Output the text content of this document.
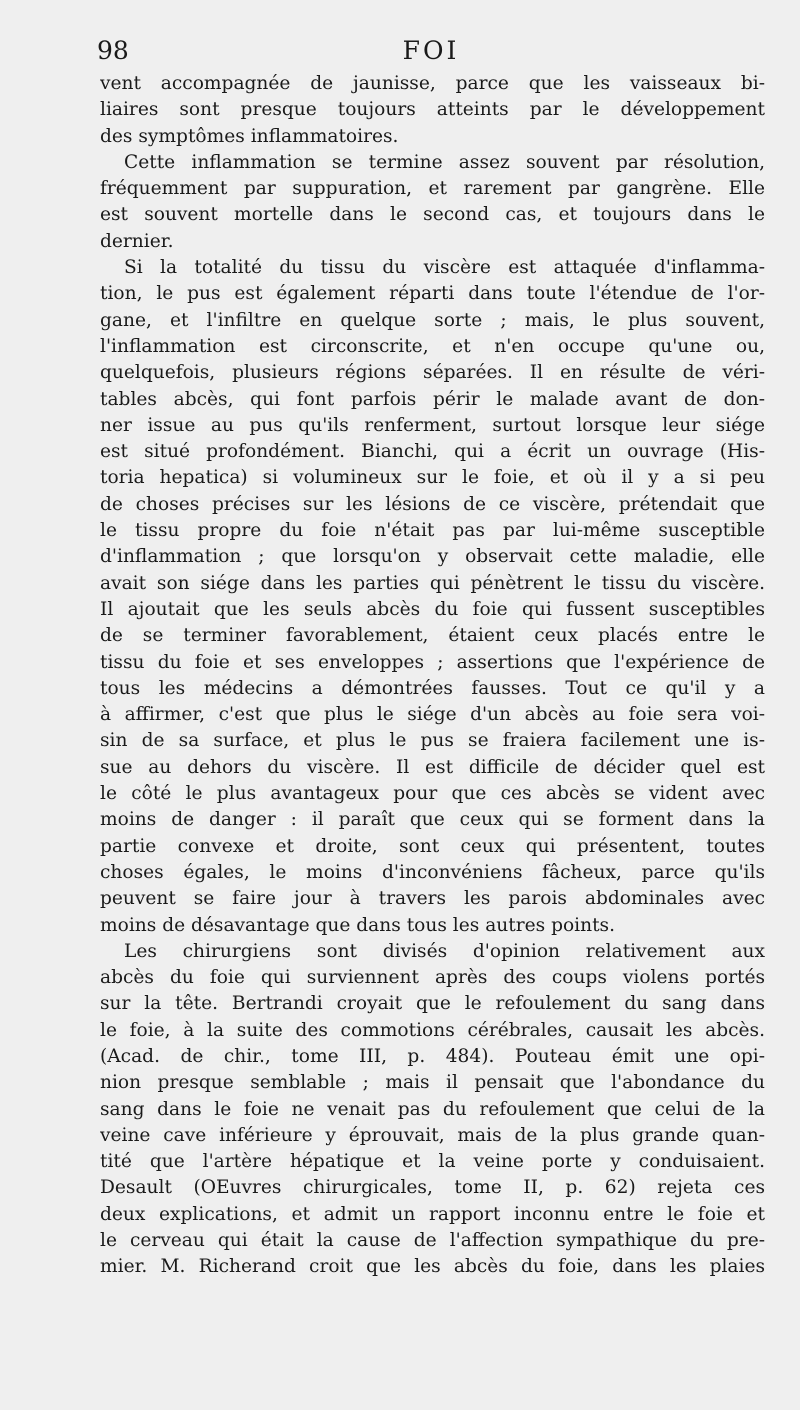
98	FOI
vent accompagnée de jaunisse, parce que les vaisseaux bi-
liaires sont presque toujours atteints par le développement
des symptômes inflammatoires.
Cette inflammation se termine assez souvent par résolution,
fréquemment par suppuration, et rarement par gangrène. Elle
est souvent mortelle dans le second cas, et toujours dans le
dernier.
Si la totalité du tissu du viscère est attaquée d'inflamma-
tion, le pus est également réparti dans toute l'étendue de l'or-
gane, et l'infiltre en quelque sorte ; mais, le plus souvent,
l'inflammation est circonscrite, et n'en occupe qu'une ou,
quelquefois, plusieurs régions séparées. Il en résulte de véri-
tables abcès, qui font parfois périr le malade avant de don-
ner issue au pus qu'ils renferment, surtout lorsque leur siége
est situé profondément. Bianchi, qui a écrit un ouvrage (His-
toria hepatica) si volumineux sur le foie, et où il y a si peu
de choses précises sur les lésions de ce viscère, prétendait que
le tissu propre du foie n'était pas par lui-même susceptible
d'inflammation ; que lorsqu'on y observait cette maladie, elle
avait son siége dans les parties qui pénètrent le tissu du viscère.
Il ajoutait que les seuls abcès du foie qui fussent susceptibles
de se terminer favorablement, étaient ceux placés entre le
tissu du foie et ses enveloppes ; assertions que l'expérience de
tous les médecins a démontrées fausses. Tout ce qu'il y a
à affirmer, c'est que plus le siége d'un abcès au foie sera voi-
sin de sa surface, et plus le pus se fraiera facilement une is-
sue au dehors du viscère. Il est difficile de décider quel est
le côté le plus avantageux pour que ces abcès se vident avec
moins de danger : il paraît que ceux qui se forment dans la
partie convexe et droite, sont ceux qui présentent, toutes
choses égales, le moins d'inconvéniens fâcheux, parce qu'ils
peuvent se faire jour à travers les parois abdominales avec
moins de désavantage que dans tous les autres points.
Les chirurgiens sont divisés d'opinion relativement aux
abcès du foie qui surviennent après des coups violens portés
sur la tête. Bertrandi croyait que le refoulement du sang dans
le foie, à la suite des commotions cérébrales, causait les abcès.
(Acad. de chir., tome III, p. 484). Pouteau émit une opi-
nion presque semblable ; mais il pensait que l'abondance du
sang dans le foie ne venait pas du refoulement que celui de la
veine cave inférieure y éprouvait, mais de la plus grande quan-
tité que l'artère hépatique et la veine porte y conduisaient.
Desault (OEuvres chirurgicales, tome II, p. 62) rejeta ces
deux explications, et admit un rapport inconnu entre le foie et
le cerveau qui était la cause de l'affection sympathique du pre-
mier. M. Richerand croit que les abcès du foie, dans les plaies
